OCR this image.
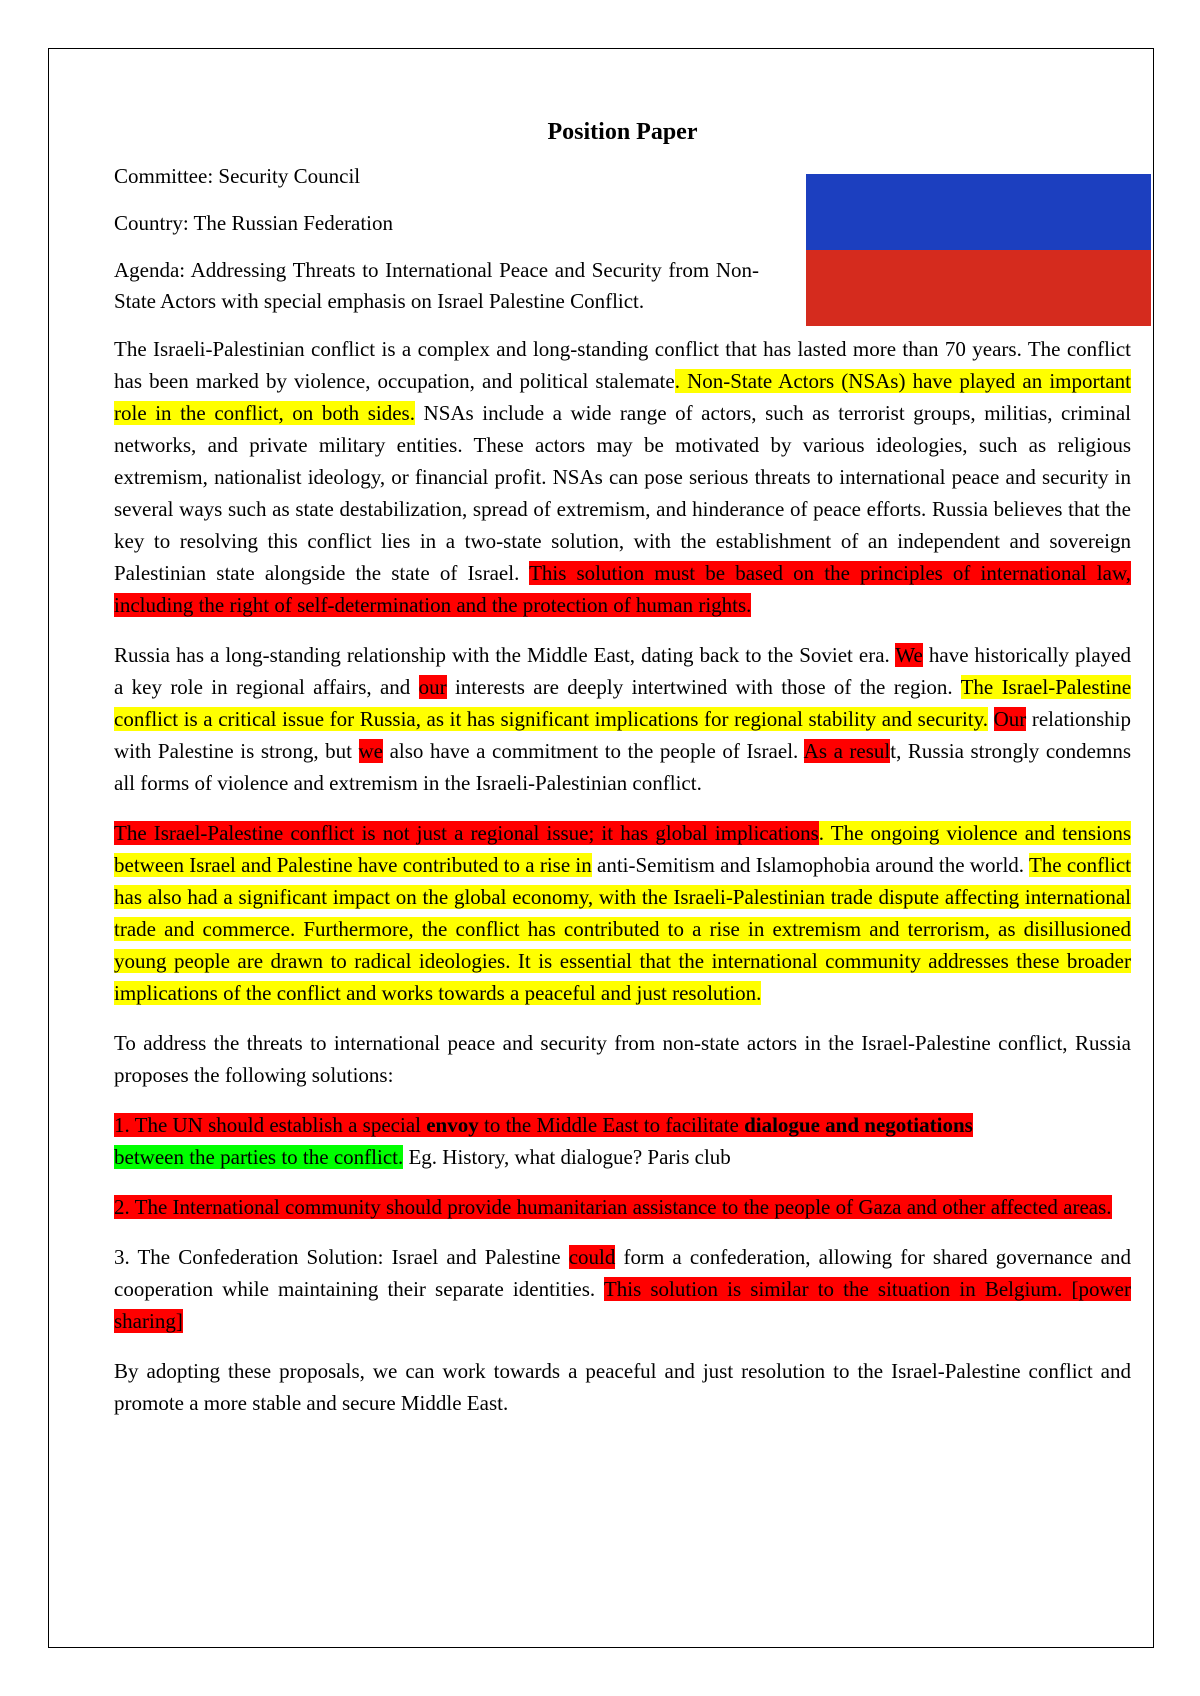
Position Paper

Committee: Security Council

Country: The Russian Federation

Agenda: Addressing Threats to International Peace and Security from Non-State Actors with special emphasis on Israel Palestine Conflict.

The Israeli-Palestinian conflict is a complex and long-standing conflict that has lasted more than 70 years. The conflict has been marked by violence, occupation, and political stalemate. Non-State Actors (NSAs) have played an important role in the conflict, on both sides. NSAs include a wide range of actors, such as terrorist groups, militias, criminal networks, and private military entities. These actors may be motivated by various ideologies, such as religious extremism, nationalist ideology, or financial profit. NSAs can pose serious threats to international peace and security in several ways such as state destabilization, spread of extremism, and hinderance of peace efforts. Russia believes that the key to resolving this conflict lies in a two-state solution, with the establishment of an independent and sovereign Palestinian state alongside the state of Israel. This solution must be based on the principles of international law, including the right of self-determination and the protection of human rights.

Russia has a long-standing relationship with the Middle East, dating back to the Soviet era. We have historically played a key role in regional affairs, and our interests are deeply intertwined with those of the region. The Israel-Palestine conflict is a critical issue for Russia, as it has significant implications for regional stability and security. Our relationship with Palestine is strong, but we also have a commitment to the people of Israel. As a result, Russia strongly condemns all forms of violence and extremism in the Israeli-Palestinian conflict.

The Israel-Palestine conflict is not just a regional issue; it has global implications. The ongoing violence and tensions between Israel and Palestine have contributed to a rise in anti-Semitism and Islamophobia around the world. The conflict has also had a significant impact on the global economy, with the Israeli-Palestinian trade dispute affecting international trade and commerce. Furthermore, the conflict has contributed to a rise in extremism and terrorism, as disillusioned young people are drawn to radical ideologies. It is essential that the international community addresses these broader implications of the conflict and works towards a peaceful and just resolution.

To address the threats to international peace and security from non-state actors in the Israel-Palestine conflict, Russia proposes the following solutions:

1. The UN should establish a special envoy to the Middle East to facilitate dialogue and negotiations
between the parties to the conflict. Eg. History, what dialogue? Paris club

2. The International community should provide humanitarian assistance to the people of Gaza and other affected areas.

3. The Confederation Solution: Israel and Palestine could form a confederation, allowing for shared governance and cooperation while maintaining their separate identities. This solution is similar to the situation in Belgium. [power sharing]

By adopting these proposals, we can work towards a peaceful and just resolution to the Israel-Palestine conflict and promote a more stable and secure Middle East.
